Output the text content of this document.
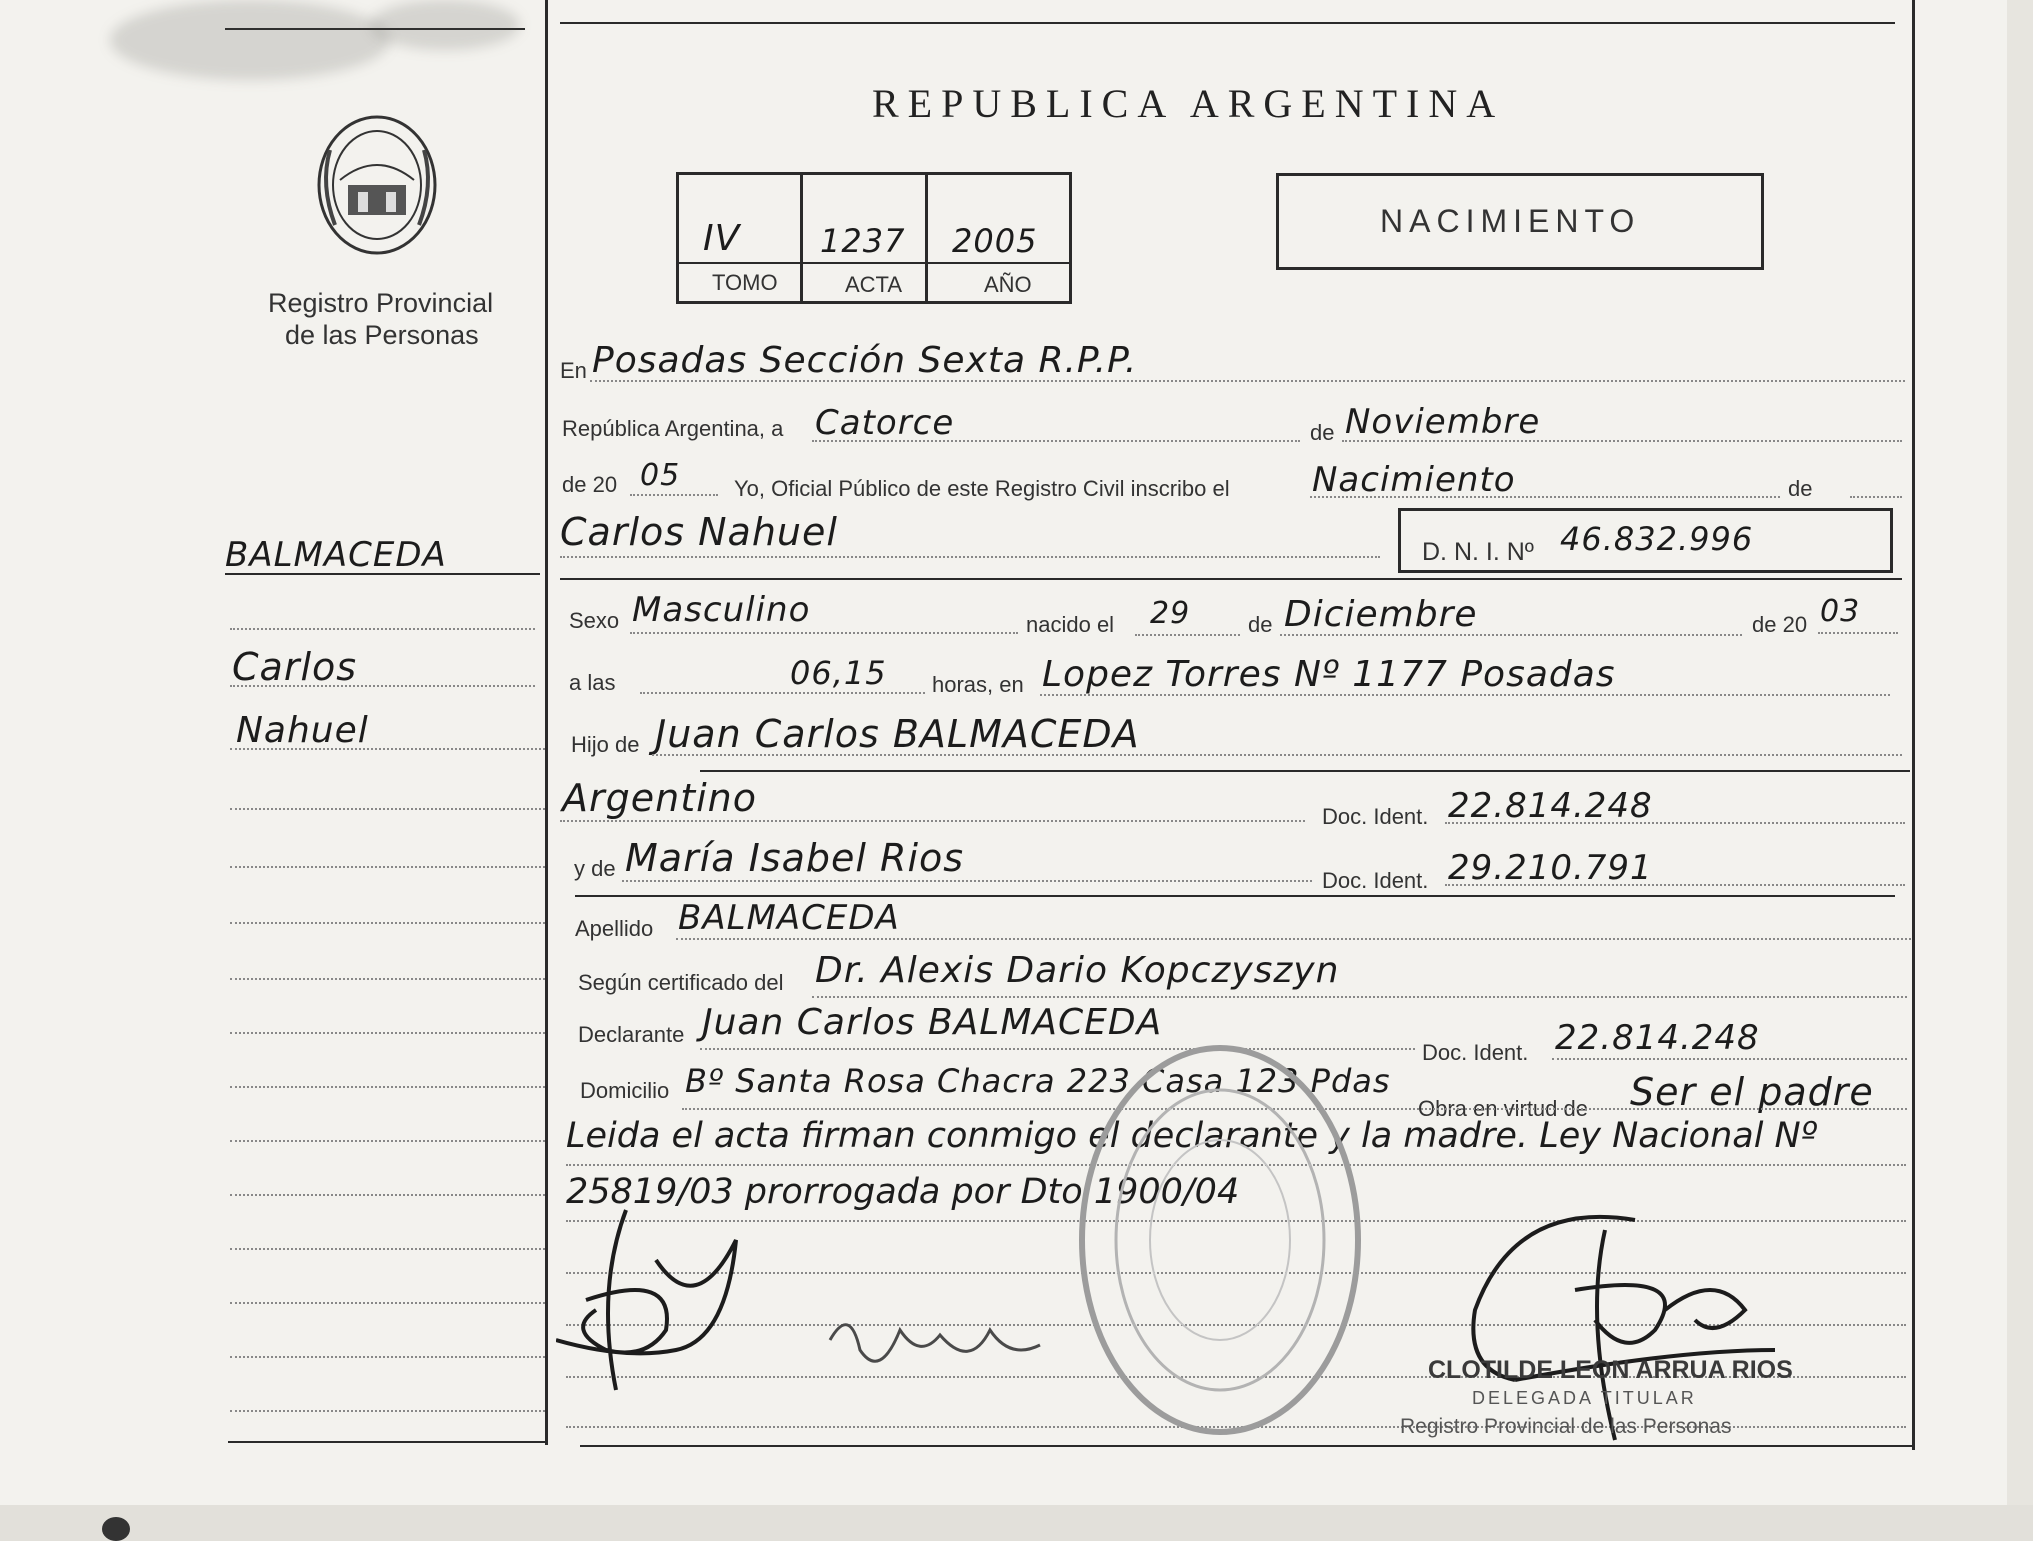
Registro Provincial
de las Personas
BALMACEDA
Carlos
Nahuel
REPUBLICA ARGENTINA
IV 1237 2005
TOMO	ACTA	AÑO
NACIMIENTO
En Posadas Sección Sexta R.P.P.
República Argentina, a Catorce	de Noviembre
de 20 05 Yo, Oficial Público de este Registro Civil inscribo el Nacimiento	de
Carlos Nahuel	D. N. I. Nº 46.832.996
Sexo Masculino	nacido el 29	de Diciembre	de 20 03
a las	06,15 horas, en Lopez Torres Nº 1177 Posadas
Hijo de Juan Carlos BALMACEDA
Argentino	Doc. Ident. 22.814.248
y de María Isabel Rios
Doc. Ident. 29.210.791
Apellido BALMACEDA
Según certificado del Dr. Alexis Dario Kopczyszyn
Declarante Juan Carlos BALMACEDA
Doc. Ident. 22.814.248
Domicilio Bº Santa Rosa Chacra 223 Casa 123 Pdas
Obra en virtud de Ser el padre
Leida el acta firman conmigo el declarante y la madre. Ley Nacional Nº
25819/03 prorrogada por Dto 1900/04
CLOTILDE LEON ARRUA RIOS
DELEGADA TITULAR
Registro Provincial de las Personas
